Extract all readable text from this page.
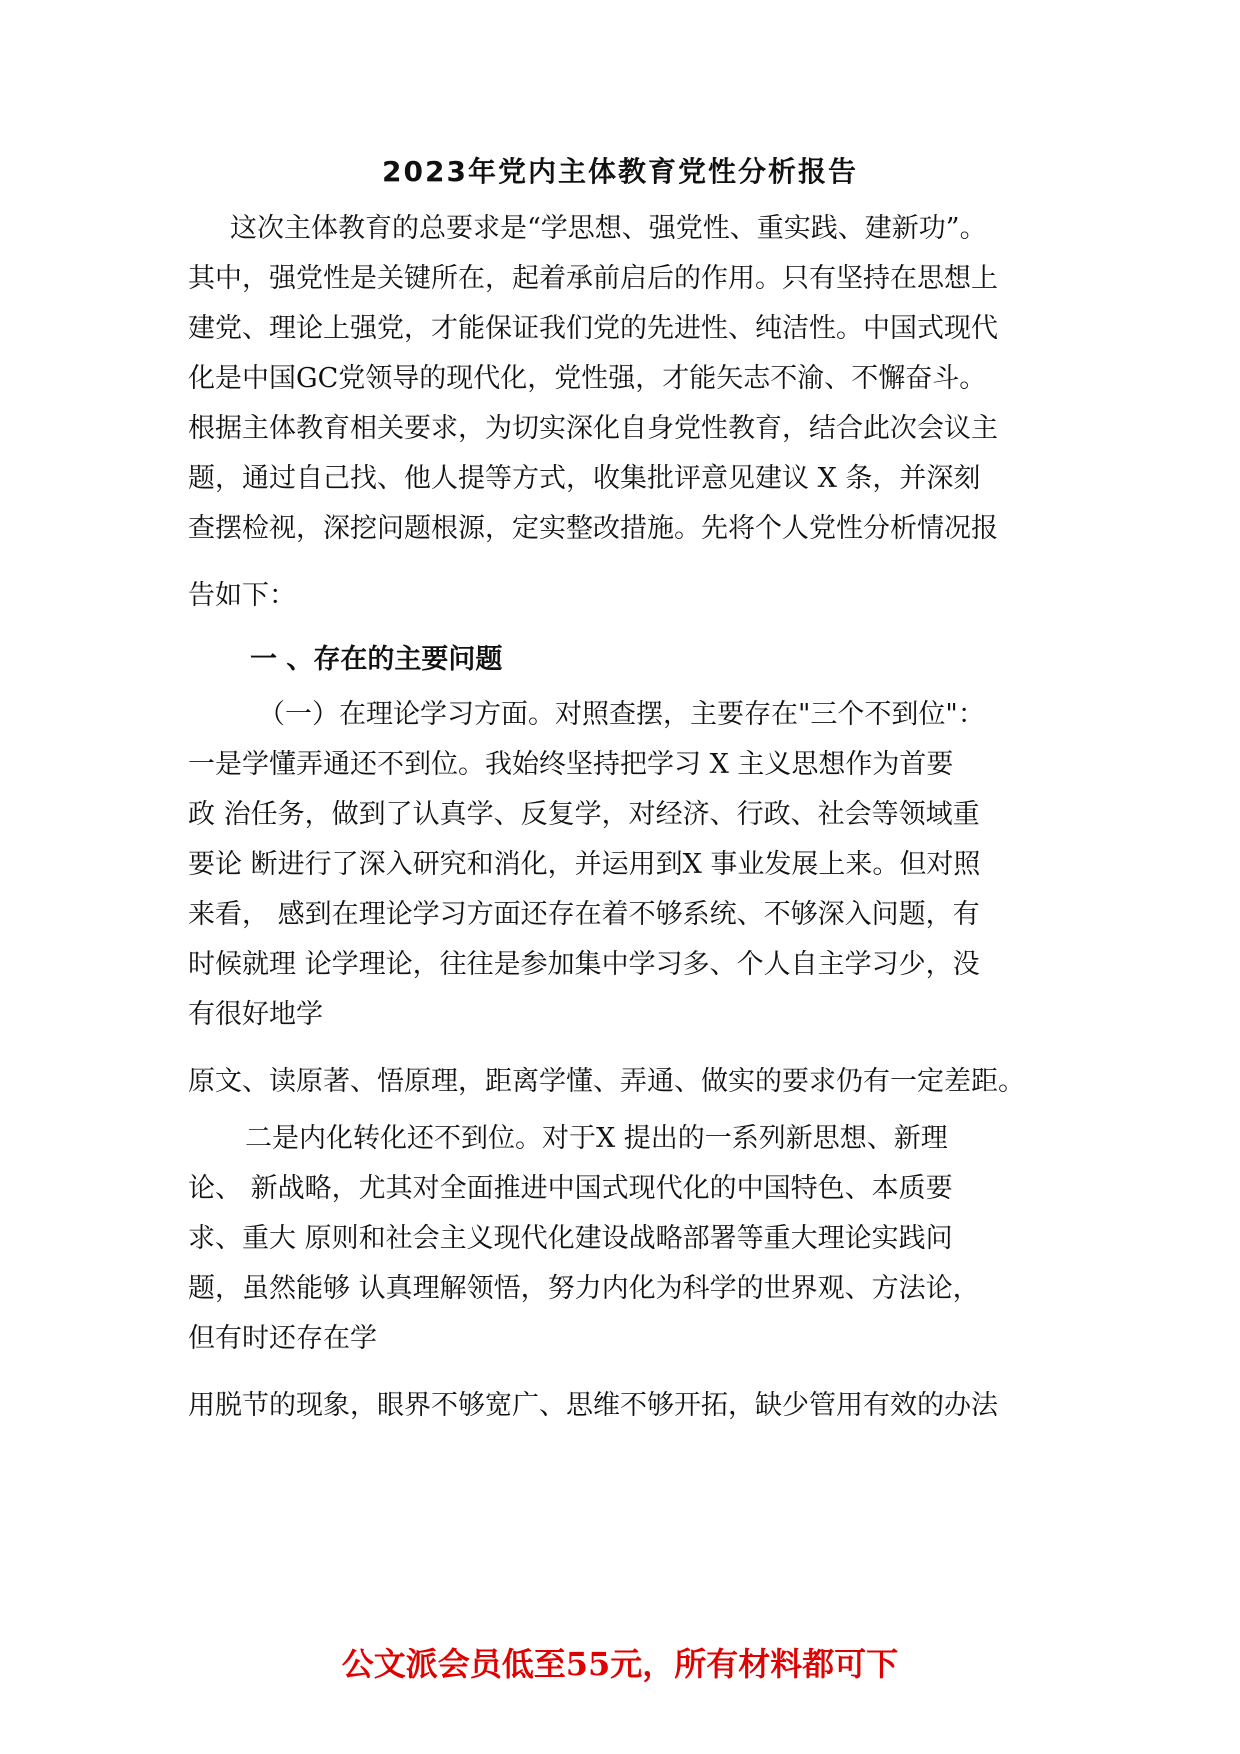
2023年党内主体教育党性分析报告

这次主体教育的总要求是“学思想、强党性、重实践、建新功”。

其中，强党性是关键所在，起着承前启后的作用。只有坚持在思想上

建党、理论上强党，才能保证我们党的先进性、纯洁性。中国式现代

化是中国GC党领导的现代化，党性强，才能矢志不渝、不懈奋斗。

根据主体教育相关要求，为切实深化自身党性教育，结合此次会议主

题，通过自己找、他人提等方式，收集批评意见建议 X 条，并深刻

查摆检视，深挖问题根源，定实整改措施。先将个人党性分析情况报

告如下：

一 、存在的主要问题

（一）在理论学习方面。对照查摆，主要存在"三个不到位"：

一是学懂弄通还不到位。我始终坚持把学习 X 主义思想作为首要

政 治任务，做到了认真学、反复学，对经济、行政、社会等领域重

要论 断进行了深入研究和消化，并运用到X 事业发展上来。但对照

来看， 感到在理论学习方面还存在着不够系统、不够深入问题，有

时候就理 论学理论，往往是参加集中学习多、个人自主学习少，没

有很好地学

原文、读原著、悟原理，距离学懂、弄通、做实的要求仍有一定差距。

二是内化转化还不到位。对于X 提出的一系列新思想、新理

论、 新战略，尤其对全面推进中国式现代化的中国特色、本质要

求、重大 原则和社会主义现代化建设战略部署等重大理论实践问

题，虽然能够 认真理解领悟，努力内化为科学的世界观、方法论，

但有时还存在学

用脱节的现象，眼界不够宽广、思维不够开拓，缺少管用有效的办法

公文派会员低至55元，所有材料都可下
